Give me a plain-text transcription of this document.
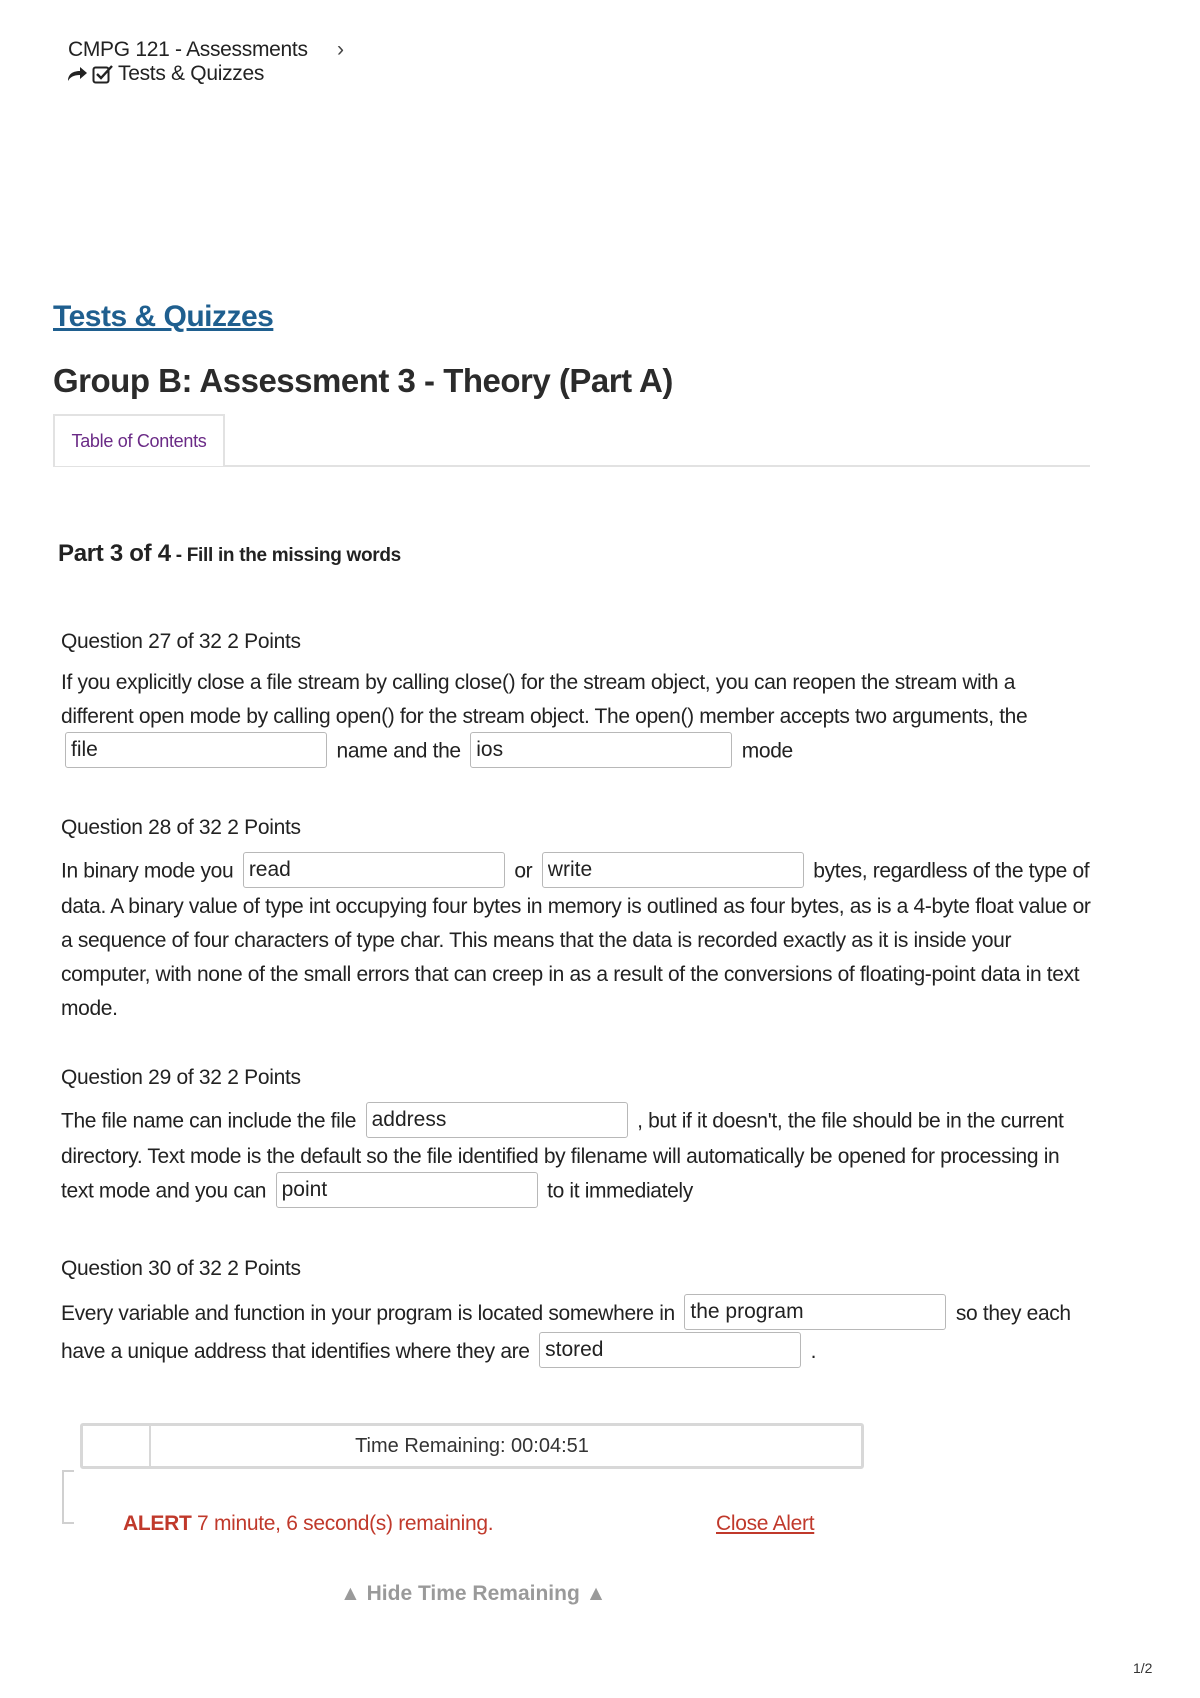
CMPG 121 - Assessments ›
Tests & Quizzes
Tests & Quizzes
Group B: Assessment 3 - Theory (Part A)
Table of Contents
Part 3 of 4 - Fill in the missing words
Question 27 of 32 2 Points
If you explicitly close a file stream by calling close() for the stream object, you can reopen the stream with a different open mode by calling open() for the stream object. The open() member accepts two arguments, the file name and the ios	mode
Question 28 of 32 2 Points
In binary mode you read	or write	bytes, regardless of the type of data. A binary value of type int occupying four bytes in memory is outlined as four bytes, as is a 4-byte float value or a sequence of four characters of type char. This means that the data is recorded exactly as it is inside your computer, with none of the small errors that can creep in as a result of the conversions of floating-point data in text mode.
Question 29 of 32 2 Points
The file name can include the file address	, but if it doesn't, the file should be in the current directory. Text mode is the default so the file identified by filename will automatically be opened for processing in text mode and you can point	to it immediately
Question 30 of 32 2 Points
Every variable and function in your program is located somewhere in the program	so they each have a unique address that identifies where they are stored	.
Time Remaining: 00:04:51
ALERT 7 minute, 6 second(s) remaining.	Close Alert
▲ Hide Time Remaining ▲
1/2
